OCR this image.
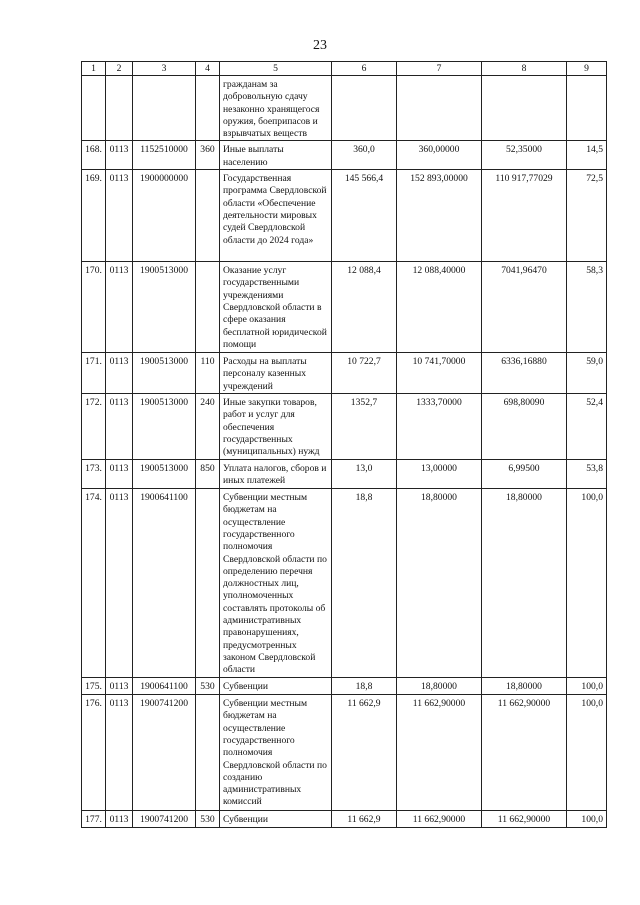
23
1	2	3	4	5	6	7	8	9
				гражданам за добровольную сдачу незаконно хранящегося оружия, боеприпасов и взрывчатых веществ				
168.	0113	1152510000	360	Иные выплаты населению	360,0	360,00000	52,35000	14,5
169.	0113	1900000000		Государственная программа Свердловской области «Обеспечение деятельности мировых судей Свердловской области до 2024 года»	145 566,4	152 893,00000	110 917,77029	72,5
170.	0113	1900513000		Оказание услуг государственными учреждениями Свердловской области в сфере оказания бесплатной юридической помощи	12 088,4	12 088,40000	7041,96470	58,3
171.	0113	1900513000	110	Расходы на выплаты персоналу казенных учреждений	10 722,7	10 741,70000	6336,16880	59,0
172.	0113	1900513000	240	Иные закупки товаров, работ и услуг для обеспечения государственных (муниципальных) нужд	1352,7	1333,70000	698,80090	52,4
173.	0113	1900513000	850	Уплата налогов, сборов и иных платежей	13,0	13,00000	6,99500	53,8
174.	0113	1900641100		Субвенции местным бюджетам на осуществление государственного полномочия Свердловской области по определению перечня должностных лиц, уполномоченных составлять протоколы об административных правонарушениях, предусмотренных законом Свердловской области	18,8	18,80000	18,80000	100,0
175.	0113	1900641100	530	Субвенции	18,8	18,80000	18,80000	100,0
176.	0113	1900741200		Субвенции местным бюджетам на осуществление государственного полномочия Свердловской области по созданию административных комиссий	11 662,9	11 662,90000	11 662,90000	100,0
177.	0113	1900741200	530	Субвенции	11 662,9	11 662,90000	11 662,90000	100,0
